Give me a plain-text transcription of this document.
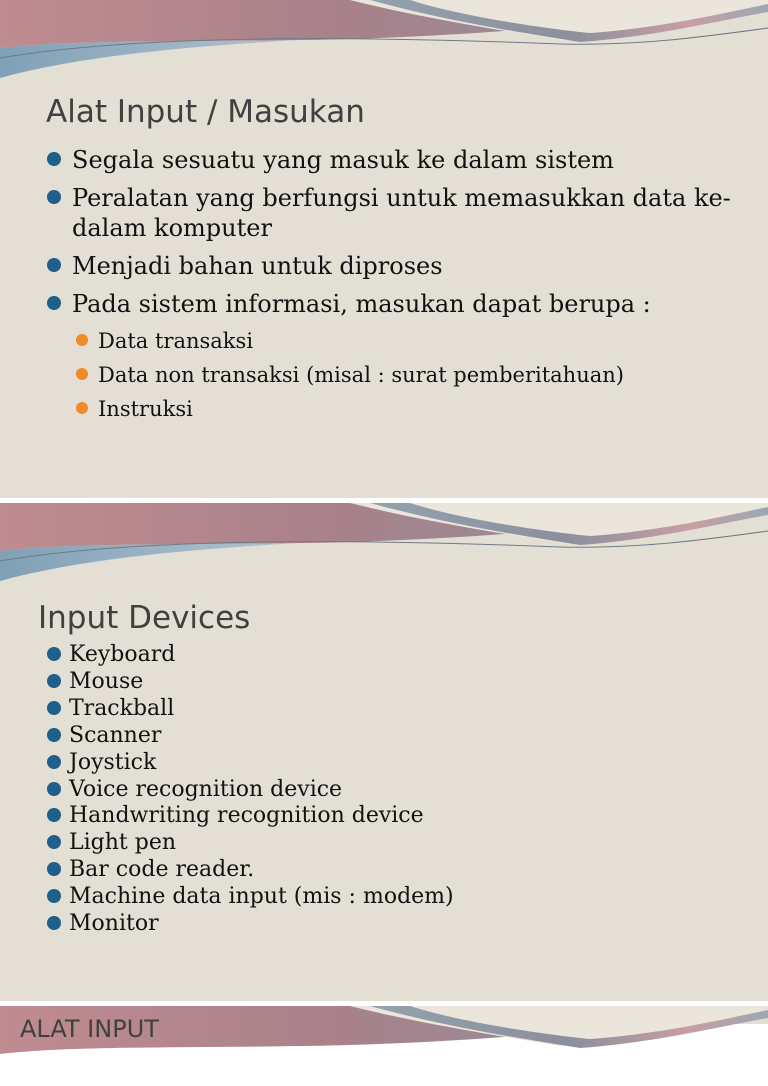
Alat Input / Masukan
Segala sesuatu yang masuk ke dalam sistem
Peralatan yang berfungsi untuk memasukkan data ke-dalam komputer
Menjadi bahan untuk diproses
Pada sistem informasi, masukan dapat berupa :
Data transaksi
Data non transaksi (misal : surat pemberitahuan)
Instruksi
Input Devices
Keyboard
Mouse
Trackball
Scanner
Joystick
Voice recognition device
Handwriting recognition device
Light pen
Bar code reader.
Machine data input (mis : modem)
Monitor
ALAT INPUT
